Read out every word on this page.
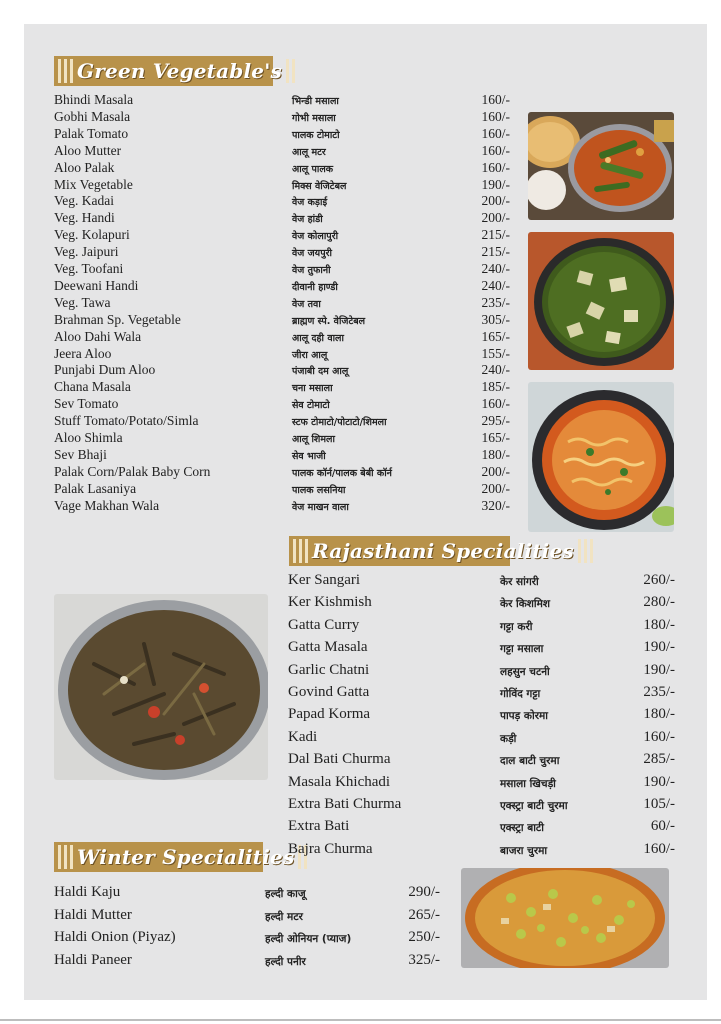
Green Vegetable's
Rajasthani Specialities
Winter Specialities
Bhindi Masala	भिन्डी मसाला	160/-
Gobhi Masala	गोभी मसाला	160/-
Palak Tomato	पालक टोमाटो	160/-
Aloo Mutter	आलू मटर	160/-
Aloo Palak	आलू पालक	160/-
Mix Vegetable	मिक्स वेजिटेबल	190/-
Veg. Kadai	वेज कड़ाई	200/-
Veg. Handi	वेज हांडी	200/-
Veg. Kolapuri	वेज कोलापुरी	215/-
Veg. Jaipuri	वेज जयपुरी	215/-
Veg. Toofani	वेज तुफानी	240/-
Deewani Handi	दीवानी हाण्डी	240/-
Veg. Tawa	वेज तवा	235/-
Brahman Sp. Vegetable	ब्राह्मण स्पे. वेजिटेबल	305/-
Aloo Dahi Wala	आलू दही वाला	165/-
Jeera Aloo	जीरा आलू	155/-
Punjabi Dum Aloo	पंजाबी दम आलू	240/-
Chana Masala	चना मसाला	185/-
Sev Tomato	सेव टोमाटो	160/-
Stuff Tomato/Potato/Simla	स्टफ टोमाटो/पोटाटो/शिमला	295/-
Aloo Shimla	आलू शिमला	165/-
Sev Bhaji	सेव भाजी	180/-
Palak Corn/Palak Baby Corn	पालक कॉर्न/पालक बेबी कॉर्न	200/-
Palak Lasaniya	पालक लसनिया	200/-
Vage Makhan Wala	वेज माखन वाला	320/-
Ker Sangari	केर सांगरी	260/-
Ker Kishmish	केर किशमिश	280/-
Gatta Curry	गट्टा करी	180/-
Gatta Masala	गट्टा मसाला	190/-
Garlic Chatni	लहसुन चटनी	190/-
Govind Gatta	गोविंद गट्टा	235/-
Papad Korma	पापड़ कोरमा	180/-
Kadi	कड़ी	160/-
Dal Bati Churma	दाल बाटी चुरमा	285/-
Masala Khichadi	मसाला खिचड़ी	190/-
Extra Bati Churma	एक्स्ट्रा बाटी चुरमा	105/-
Extra Bati	एक्स्ट्रा बाटी	60/-
Bajra Churma	बाजरा चुरमा	160/-
Haldi Kaju	हल्दी काजू	290/-
Haldi Mutter	हल्दी मटर	265/-
Haldi Onion (Piyaz)	हल्दी ओनियन (प्याज)	250/-
Haldi Paneer	हल्दी पनीर	325/-
